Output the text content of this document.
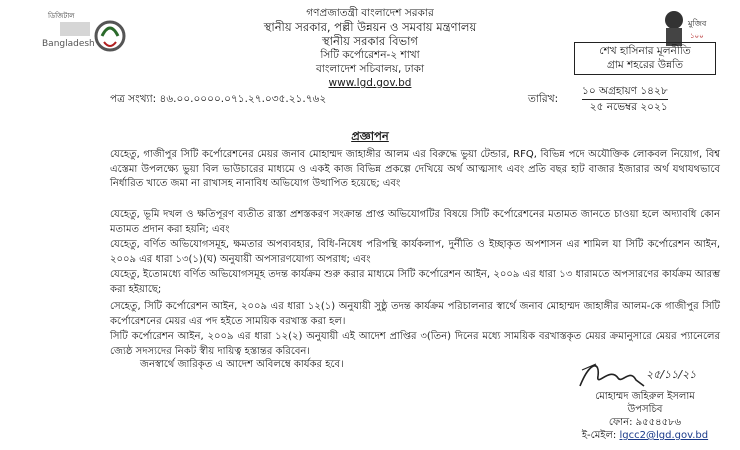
ডিজিটাল
Bangladesh
মুজিব
১০০
গণপ্রজাতন্ত্রী বাংলাদেশ সরকার
স্থানীয় সরকার, পল্লী উন্নয়ন ও সমবায় মন্ত্রণালয়
স্থানীয় সরকার বিভাগ
সিটি কর্পোরেশন-২ শাখা
বাংলাদেশ সচিবালয়, ঢাকা
www.lgd.gov.bd
শেখ হাসিনার মূলনীতি
গ্রাম শহরের উন্নতি
পত্র সংখ্যা: ৪৬.০০.০০০০.০৭১.২৭.০৩৫.২১.৭৬২	তারিখ:
১০ অগ্রহায়ণ ১৪২৮
২৫ নভেম্বর ২০২১
প্রজ্ঞাপন
যেহেতু, গাজীপুর সিটি কর্পোরেশনের মেয়র জনাব মোহাম্মদ জাহাঙ্গীর আলম এর বিরুদ্ধে ভুয়া টেন্ডার, RFQ, বিভিন্ন পদে অযৌক্তিক লোকবল নিয়োগ, বিশ্ব এস্তেমা উপলক্ষ্যে ভুয়া বিল ভাউচারের মাধ্যমে ও একই কাজ বিভিন্ন প্রকল্পে দেখিয়ে অর্থ আত্মসাৎ এবং প্রতি বছর হাট বাজার ইজারার অর্থ যথাযথভাবে নির্ধারিত খাতে জমা না রাখাসহ নানাবিধ অভিযোগ উত্থাপিত হয়েছে; এবং
যেহেতু, ভূমি দখল ও ক্ষতিপূরণ ব্যতীত রাস্তা প্রশস্তকরণ সংক্রান্ত প্রাপ্ত অভিযোগটির বিষয়ে সিটি কর্পোরেশনের মতামত জানতে চাওয়া হলে অদ্যাবধি কোন মতামত প্রদান করা হয়নি; এবং
যেহেতু, বর্ণিত অভিযোগসমূহ, ক্ষমতার অপব্যবহার, বিধি-নিষেধ পরিপন্থি কার্যকলাপ, দুর্নীতি ও ইচ্ছাকৃত অপশাসন এর শামিল যা সিটি কর্পোরেশন আইন, ২০০৯ এর ধারা ১৩(১)(ঘ) অনুযায়ী অপসারণযোগ্য অপরাধ; এবং
যেহেতু, ইতোমধ্যে বর্ণিত অভিযোগসমূহ তদন্ত কার্যক্রম শুরু করার মাধ্যমে সিটি কর্পোরেশন আইন, ২০০৯ এর ধারা ১৩ ধারামতে অপসারণের কার্যক্রম আরম্ভ করা হইয়াছে;
সেহেতু, সিটি কর্পোরেশন আইন, ২০০৯ এর ধারা ১২(১) অনুযায়ী সুষ্ঠু তদন্ত কার্যক্রম পরিচালনার স্বার্থে জনাব মোহাম্মদ জাহাঙ্গীর আলম-কে গাজীপুর সিটি কর্পোরেশনের মেয়র এর পদ হইতে সাময়িক বরখাস্ত করা হল।
সিটি কর্পোরেশন আইন, ২০০৯ এর ধারা ১২(২) অনুযায়ী এই আদেশ প্রাপ্তির ৩(তিন) দিনের মধ্যে সাময়িক বরখাস্তকৃত মেয়র ক্রমানুসারে মেয়র প্যানেলের জ্যেষ্ঠ সদস্যদের নিকট স্বীয় দায়িত্ব হস্তান্তর করিবেন।
জনস্বার্থে জারিকৃত এ আদেশ অবিলম্বে কার্যকর হবে।
২৫/১১/২১
মোহাম্মদ জহিরুল ইসলাম
উপসচিব
ফোন: ৯৫৫৪৫৮৬
ই-মেইল: lgcc2@lgd.gov.bd
